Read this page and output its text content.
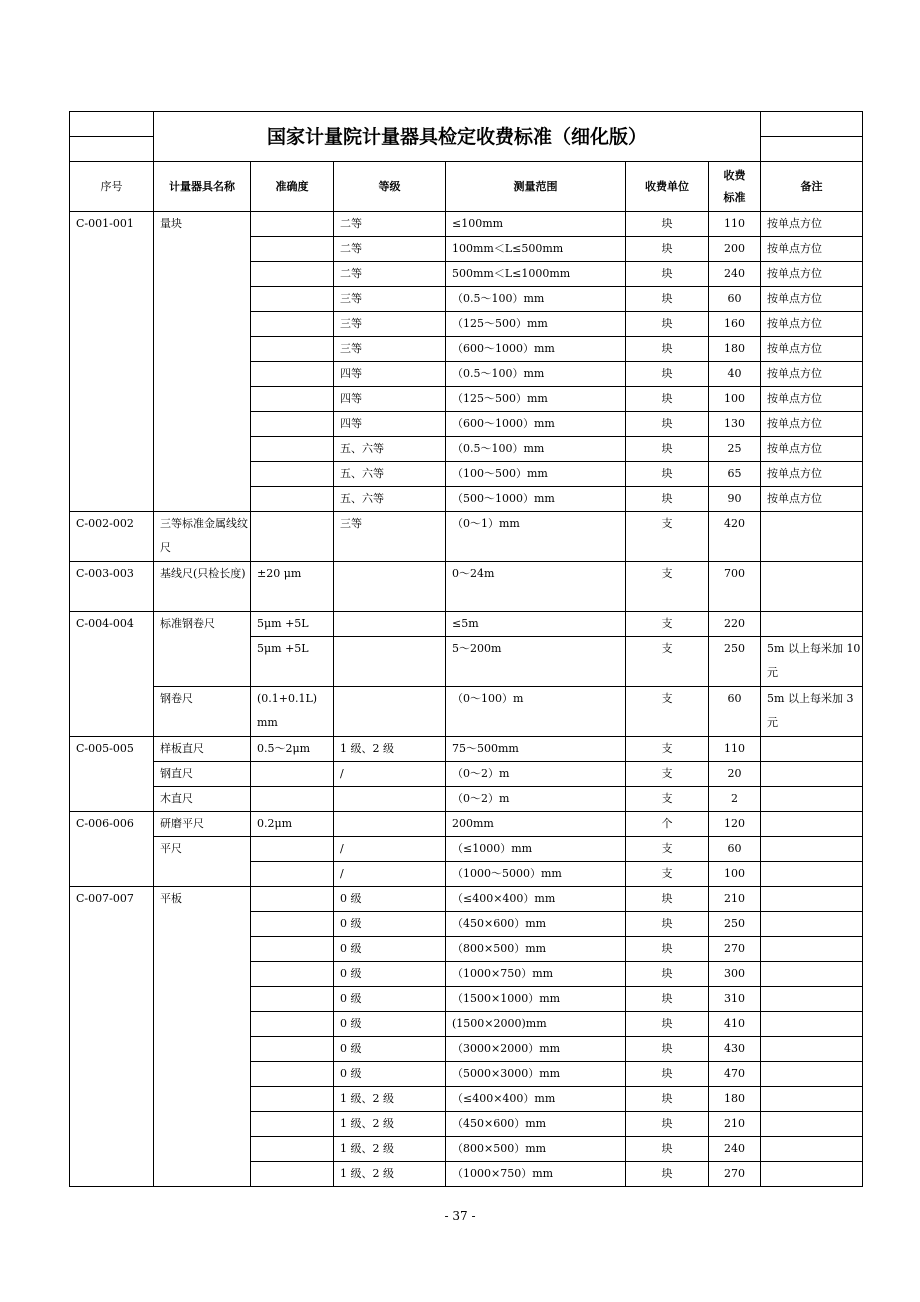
	国家计量院计量器具检定收费标准（细化版）						

序号	计量器具名称	准确度	等级	测量范围	收费单位	收费标准	备注
C-001-001	量块		二等	≤100mm	块	110	按单点方位
			二等	100mm＜L≤500mm	块	200	按单点方位
			二等	500mm＜L≤1000mm	块	240	按单点方位
			三等	（0.5～100）mm	块	60	按单点方位
			三等	（125～500）mm	块	160	按单点方位
			三等	（600～1000）mm	块	180	按单点方位
			四等	（0.5～100）mm	块	40	按单点方位
			四等	（125～500）mm	块	100	按单点方位
			四等	（600～1000）mm	块	130	按单点方位
			五、六等	（0.5～100）mm	块	25	按单点方位
			五、六等	（100～500）mm	块	65	按单点方位
			五、六等	（500～1000）mm	块	90	按单点方位
C-002-002	三等标准金属线纹尺		三等	（0～1）mm	支	420	
C-003-003	基线尺(只检长度)	±20 μm		0～24m	支	700	
C-004-004	标准钢卷尺	5μm +5L		≤5m	支	220	
		5μm +5L		5～200m	支	250	5m 以上每米加 10 元
	钢卷尺	(0.1+0.1L) mm		（0～100）m	支	60	5m 以上每米加 3 元
C-005-005	样板直尺	0.5～2μm	1 级、2 级	75～500mm	支	110	
	钢直尺		/	（0～2）m	支	20	
	木直尺			（0～2）m	支	2	
C-006-006	研磨平尺	0.2μm		200mm	个	120	
	平尺		/	（≤1000）mm	支	60	
			/	（1000～5000）mm	支	100	
C-007-007	平板		0 级	（≤400×400）mm	块	210	
			0 级	（450×600）mm	块	250	
			0 级	（800×500）mm	块	270	
			0 级	（1000×750）mm	块	300	
			0 级	（1500×1000）mm	块	310	
			0 级	(1500×2000)mm	块	410	
			0 级	（3000×2000）mm	块	430	
			0 级	（5000×3000）mm	块	470	
			1 级、2 级	（≤400×400）mm	块	180	
			1 级、2 级	（450×600）mm	块	210	
			1 级、2 级	（800×500）mm	块	240	
			1 级、2 级	（1000×750）mm	块	270	
- 37 -
